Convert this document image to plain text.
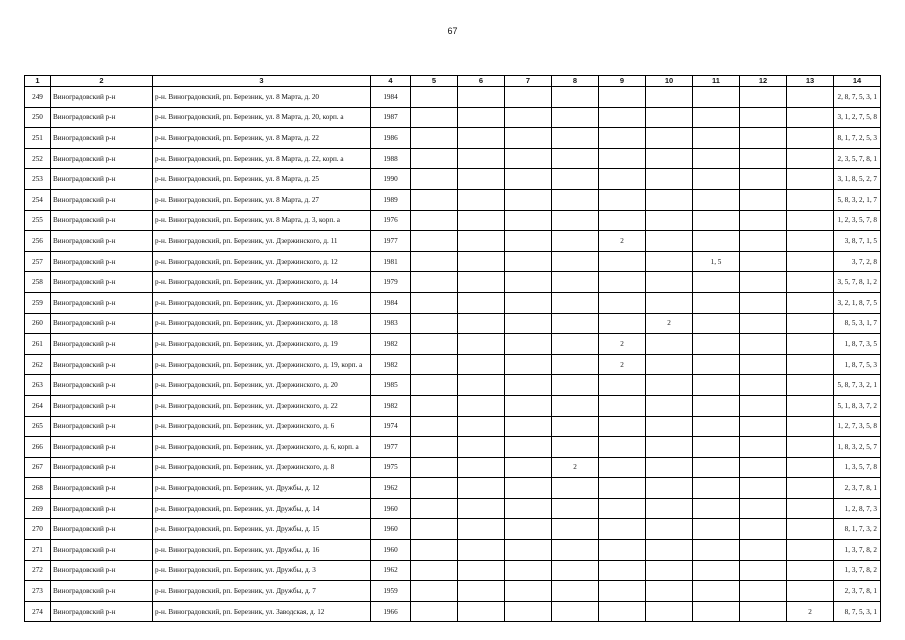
67
1	2	3	4	5	6	7	8	9	10	11	12	13	14
249	Виноградовский р-н	р-н. Виноградовский, рп. Березник, ул. 8 Марта, д. 20	1984										2, 8, 7, 5, 3, 1
250	Виноградовский р-н	р-н. Виноградовский, рп. Березник, ул. 8 Марта, д. 20, корп. а	1987										3, 1, 2, 7, 5, 8
251	Виноградовский р-н	р-н. Виноградовский, рп. Березник, ул. 8 Марта, д. 22	1986										8, 1, 7, 2, 5, 3
252	Виноградовский р-н	р-н. Виноградовский, рп. Березник, ул. 8 Марта, д. 22, корп. а	1988										2, 3, 5, 7, 8, 1
253	Виноградовский р-н	р-н. Виноградовский, рп. Березник, ул. 8 Марта, д. 25	1990										3, 1, 8, 5, 2, 7
254	Виноградовский р-н	р-н. Виноградовский, рп. Березник, ул. 8 Марта, д. 27	1989										5, 8, 3, 2, 1, 7
255	Виноградовский р-н	р-н. Виноградовский, рп. Березник, ул. 8 Марта, д. 3, корп. а	1976										1, 2, 3, 5, 7, 8
256	Виноградовский р-н	р-н. Виноградовский, рп. Березник, ул. Дзержинского, д. 11	1977					2					3, 8, 7, 1, 5
257	Виноградовский р-н	р-н. Виноградовский, рп. Березник, ул. Дзержинского, д. 12	1981							1, 5			3, 7, 2, 8
258	Виноградовский р-н	р-н. Виноградовский, рп. Березник, ул. Дзержинского, д. 14	1979										3, 5, 7, 8, 1, 2
259	Виноградовский р-н	р-н. Виноградовский, рп. Березник, ул. Дзержинского, д. 16	1984										3, 2, 1, 8, 7, 5
260	Виноградовский р-н	р-н. Виноградовский, рп. Березник, ул. Дзержинского, д. 18	1983						2				8, 5, 3, 1, 7
261	Виноградовский р-н	р-н. Виноградовский, рп. Березник, ул. Дзержинского, д. 19	1982					2					1, 8, 7, 3, 5
262	Виноградовский р-н	р-н. Виноградовский, рп. Березник, ул. Дзержинского, д. 19, корп. а	1982					2					1, 8, 7, 5, 3
263	Виноградовский р-н	р-н. Виноградовский, рп. Березник, ул. Дзержинского, д. 20	1985										5, 8, 7, 3, 2, 1
264	Виноградовский р-н	р-н. Виноградовский, рп. Березник, ул. Дзержинского, д. 22	1982										5, 1, 8, 3, 7, 2
265	Виноградовский р-н	р-н. Виноградовский, рп. Березник, ул. Дзержинского, д. 6	1974										1, 2, 7, 3, 5, 8
266	Виноградовский р-н	р-н. Виноградовский, рп. Березник, ул. Дзержинского, д. 6, корп. а	1977										1, 8, 3, 2, 5, 7
267	Виноградовский р-н	р-н. Виноградовский, рп. Березник, ул. Дзержинского, д. 8	1975				2						1, 3, 5, 7, 8
268	Виноградовский р-н	р-н. Виноградовский, рп. Березник, ул. Дружбы, д. 12	1962										2, 3, 7, 8, 1
269	Виноградовский р-н	р-н. Виноградовский, рп. Березник, ул. Дружбы, д. 14	1960										1, 2, 8, 7, 3
270	Виноградовский р-н	р-н. Виноградовский, рп. Березник, ул. Дружбы, д. 15	1960										8, 1, 7, 3, 2
271	Виноградовский р-н	р-н. Виноградовский, рп. Березник, ул. Дружбы, д. 16	1960										1, 3, 7, 8, 2
272	Виноградовский р-н	р-н. Виноградовский, рп. Березник, ул. Дружбы, д. 3	1962										1, 3, 7, 8, 2
273	Виноградовский р-н	р-н. Виноградовский, рп. Березник, ул. Дружбы, д. 7	1959										2, 3, 7, 8, 1
274	Виноградовский р-н	р-н. Виноградовский, рп. Березник, ул. Заводская, д. 12	1966									2	8, 7, 5, 3, 1
